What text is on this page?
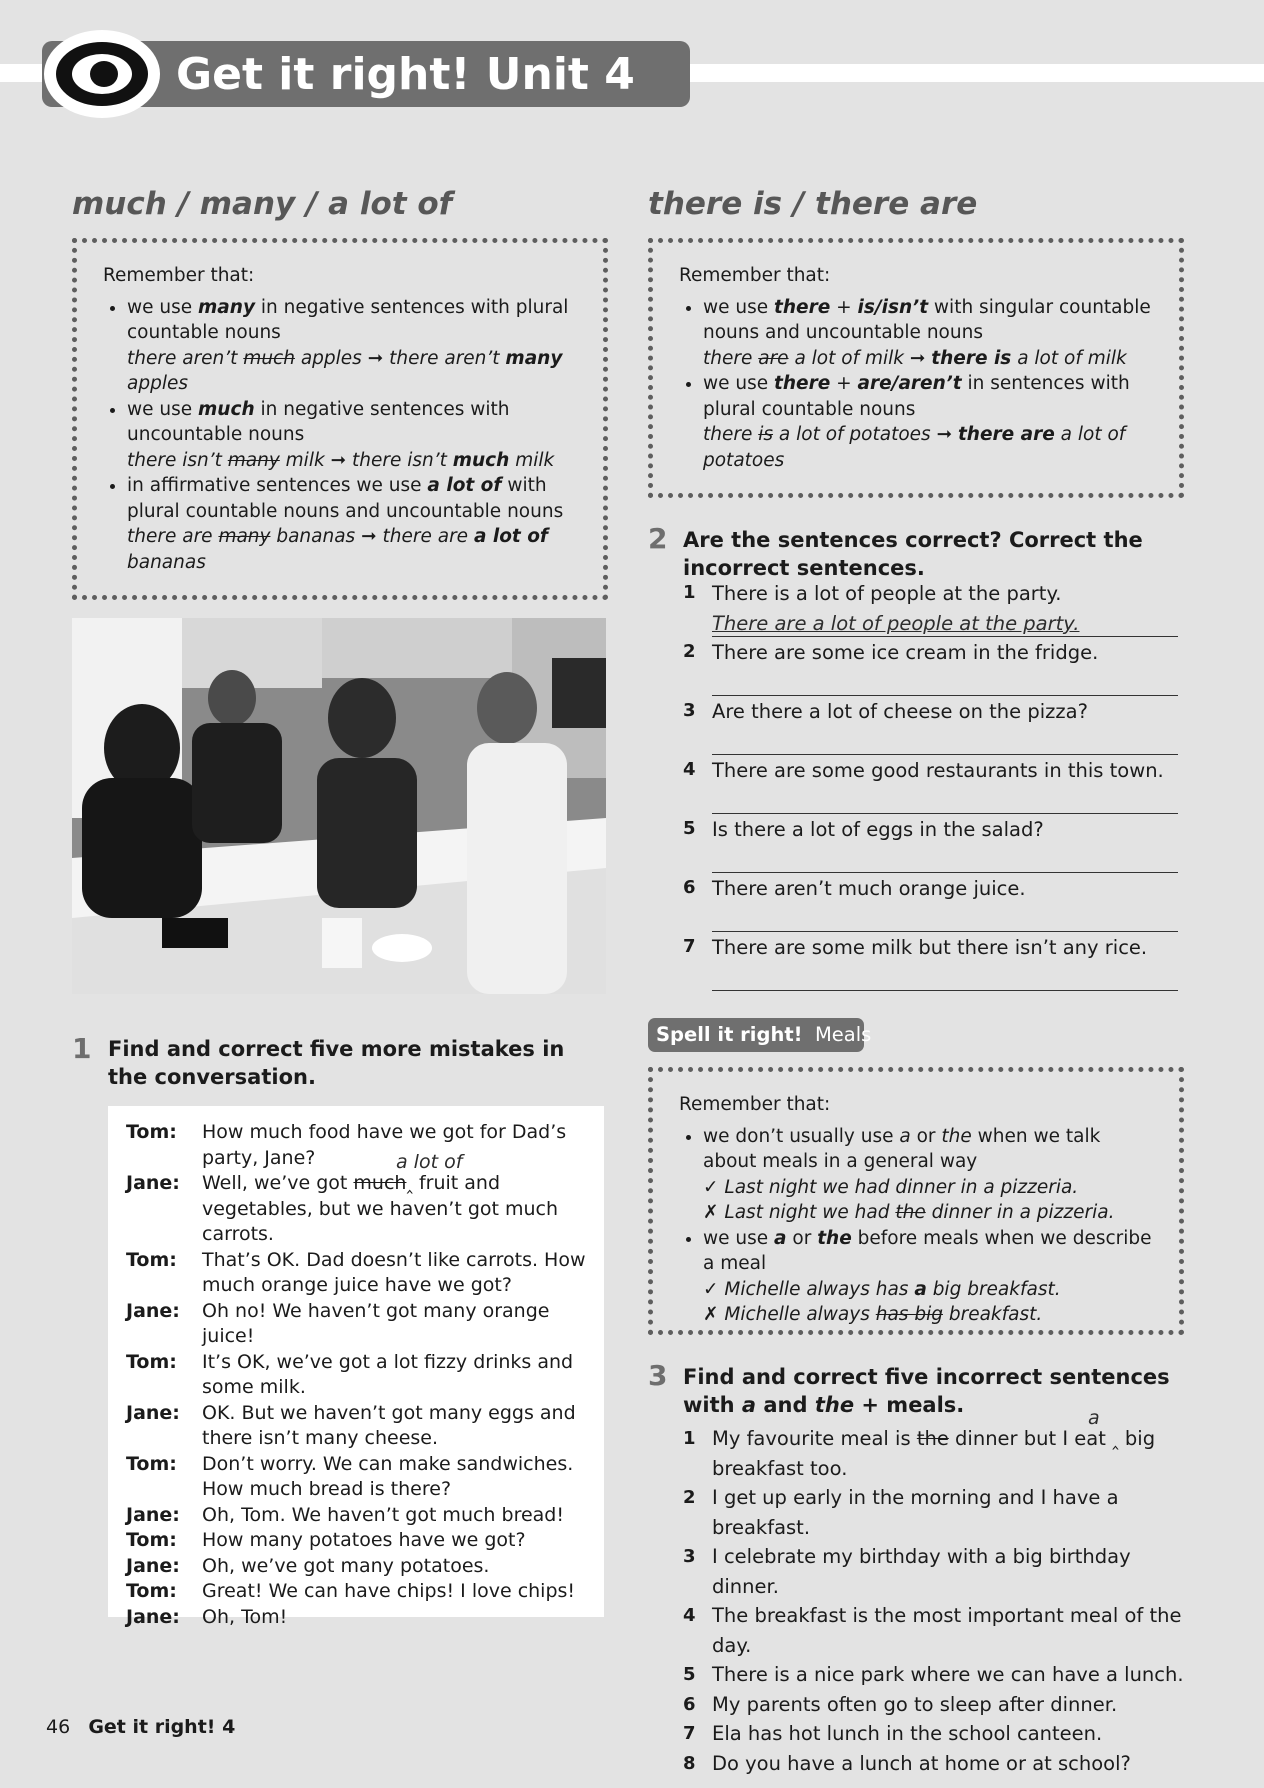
Get it right! Unit 4
much / many / a lot of
Remember that:
• we use many in negative sentences with plural countable nouns
there aren’t much apples ➞ there aren’t many apples
• we use much in negative sentences with uncountable nouns
there isn’t many milk ➞ there isn’t much milk
• in affirmative sentences we use a lot of with plural countable nouns and uncountable nouns
there are many bananas ➞ there are a lot of bananas
1 Find and correct five more mistakes in the conversation.
Tom:	How much food have we got for Dad’s party, Jane?
Jane:	Well, we’ve got much‸ fruit and vegetables, but we haven’t got much carrots.
a lot of
Tom:	That’s OK. Dad doesn’t like carrots. How much orange juice have we got?
Jane:	Oh no! We haven’t got many orange juice!
Tom:	It’s OK, we’ve got a lot fizzy drinks and some milk.
Jane:	OK. But we haven’t got many eggs and there isn’t many cheese.
Tom:	Don’t worry. We can make sandwiches. How much bread is there?
Jane:	Oh, Tom. We haven’t got much bread!
Tom:	How many potatoes have we got?
Jane:	Oh, we’ve got many potatoes.
Tom:	Great! We can have chips! I love chips!
Jane:	Oh, Tom!
there is / there are
Remember that:
• we use there + is/isn’t with singular countable nouns and uncountable nouns
there are a lot of milk ➞ there is a lot of milk
• we use there + are/aren’t in sentences with plural countable nouns
there is a lot of potatoes ➞ there are a lot of potatoes
2 Are the sentences correct? Correct the incorrect sentences.
1 There is a lot of people at the party.
There are a lot of people at the party.
2 There are some ice cream in the fridge.
3 Are there a lot of cheese on the pizza?
4 There are some good restaurants in this town.
5 Is there a lot of eggs in the salad?
6 There aren’t much orange juice.
7 There are some milk but there isn’t any rice.
Spell it right! Meals
Remember that:
• we don’t usually use a or the when we talk about meals in a general way
✓ Last night we had dinner in a pizzeria.
✗ Last night we had the dinner in a pizzeria.
• we use a or the before meals when we describe a meal
✓ Michelle always has a big breakfast.
✗ Michelle always has big breakfast.
3 Find and correct five incorrect sentences with a and the + meals.
1 My favourite meal is the dinner but I eat ‸ big breakfast too.
a
2 I get up early in the morning and I have a breakfast.
3 I celebrate my birthday with a big birthday dinner.
4 The breakfast is the most important meal of the day.
5 There is a nice park where we can have a lunch.
6 My parents often go to sleep after dinner.
7 Ela has hot lunch in the school canteen.
8 Do you have a lunch at home or at school?
46 Get it right! 4
